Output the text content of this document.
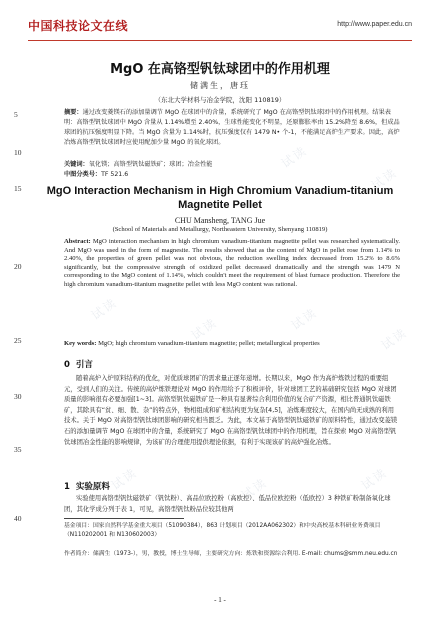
试读
试读
试读
试读	试读
试读
试读	试读	试读
中国科技论文在线	http://www.paper.edu.cn
5
10
15
20
25
30
35
40
MgO 在高铬型钒钛球团中的作用机理
储满生，唐珏
（东北大学材料与冶金学院，沈阳 110819）
摘要：通过改变菱镁石的添加量调节 MgO 在球团中的含量，系统研究了 MgO 在高铬型钒钛球团中的作用机理。结果表明：高铬型钒钛球团中 MgO 含量从 1.14%增至 2.40%，生球性能变化不明显，还原膨胀率由 15.2%降至 8.6%，但成品球团的抗压强度明显下降。当 MgO 含量为 1.14%时，抗压强度仅有 1479 N• 个-1，不能满足高炉生产要求。因此，高炉冶炼高铬型钒钛球团时应使用配加少量 MgO 的氧化球团。
关键词：氧化镁；高铬型钒钛磁铁矿；球团；冶金性能
中图分类号：TF 521.6
MgO Interaction Mechanism in High Chromium Vanadium-titanium Magnetite Pellet
CHU Mansheng, TANG Jue
(School of Materials and Metallurgy, Northeastern University, Shenyang 110819)
Abstract: MgO interaction mechanism in high chromium vanadium-titanium magnetite pellet was researched systematically. And MgO was used in the form of magnesite. The results showed that as the content of MgO in pellet rose from 1.14% to 2.40%, the properties of green pellet was not obvious, the reduction swelling index decreased from 15.2% to 8.6% significantly, but the compressive strength of oxidized pellet decreased dramatically and the strength was 1479 N corresponding to the MgO content of 1.14%, which couldn't meet the requirement of blast furnace production. Therefore the high chromium vanadium-titanium magnetite pellet with less MgO content was rational.
Key words: MgO; high chromium vanadium-titanium magnetite; pellet; metallurgical properties
0 引言
随着高炉入炉原料结构的优化，对优质球团矿的需求量正逐年递增。长期以来，MgO 作为高炉炼铁过程的重要组元，受到人们的关注。传统的高炉炼铁理论对 MgO 的作用给予了积极评价，针对球团工艺的基础研究包括 MgO 对球团质量的影响很有必要加强[1~3]。高铬型钒钛磁铁矿是一种具有显著综合利用价值的复合矿产资源，相比普通钒钛磁铁矿，其除具有“贫、细、散、杂”的特点外，物相组成和矿相结构更为复杂[4,5]，冶炼难度较大，在国内尚无成熟的利用技术。关于 MgO 对高铬型钒钛球团影响的研究相当匮乏。为此，本文基于高铬型钒钛磁铁矿的原料特性，通过改变菱镁石的添加量调节 MgO 在球团中的含量，系统研究了 MgO 在高铬型钒钛球团中的作用机理，旨在探索 MgO 对高铬型钒钛球团冶金性能的影响规律，为该矿的合理使用提供理论依据，有利于实现该矿的高炉强化冶炼。
1 实验原料
实验使用高铬型钒钛磁铁矿（钒钛粉）、高品位欧控粉（高欧控）、低品位欧控粉（低欧控）3 种铁矿粉制备氧化球团，其化学成分列于表 1，可见，高铬型钒钛粉品位较其他两
基金项目：国家自然科学基金重大项目（51090384），863 计划项目（2012AA062302）和中央高校基本科研业务费项目（N110202001 和 N130602003）
作者简介：储满生（1973-），男，教授，博士生导师，主要研究方向：炼铁和资源综合利用. E-mail: chums@smm.neu.edu.cn
- 1 -
